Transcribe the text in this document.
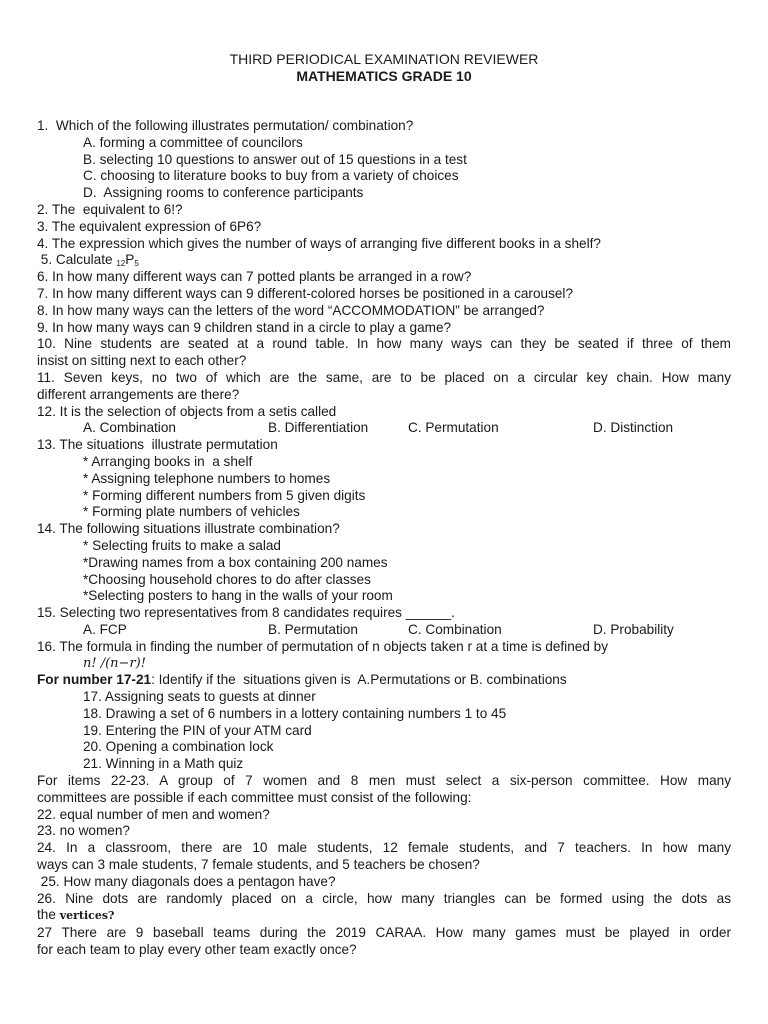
THIRD PERIODICAL EXAMINATION REVIEWER
MATHEMATICS GRADE 10
1.  Which of the following illustrates permutation/ combination?
A. forming a committee of councilors
B. selecting 10 questions to answer out of 15 questions in a test
C. choosing to literature books to buy from a variety of choices
D.  Assigning rooms to conference participants
2. The  equivalent to 6!?
3. The equivalent expression of 6P6?
4. The expression which gives the number of ways of arranging five different books in a shelf?
5. Calculate $_{12}P_5$
6. In how many different ways can 7 potted plants be arranged in a row?
7. In how many different ways can 9 different-colored horses be positioned in a carousel?
8. In how many ways can the letters of the word “ACCOMMODATION” be arranged?
9. In how many ways can 9 children stand in a circle to play a game?
10. Nine students are seated at a round table. In how many ways can they be seated if three of them
insist on sitting next to each other?
11. Seven keys, no two of which are the same, are to be placed on a circular key chain. How many
different arrangements are there?
12. It is the selection of objects from a setis called
A. Combination	B. Differentiation	C. Permutation	D. Distinction
13. The situations  illustrate permutation
* Arranging books in  a shelf
* Assigning telephone numbers to homes
* Forming different numbers from 5 given digits
* Forming plate numbers of vehicles
14. The following situations illustrate combination?
* Selecting fruits to make a salad
*Drawing names from a box containing 200 names
*Choosing household chores to do after classes
*Selecting posters to hang in the walls of your room
15. Selecting two representatives from 8 candidates requires ______.
A. FCP	B. Permutation	C. Combination	D. Probability
16. The formula in finding the number of permutation of n objects taken r at a time is defined by
n! /(n−r)!
For number 17-21: Identify if the  situations given is  A.Permutations or B. combinations
17. Assigning seats to guests at dinner
18. Drawing a set of 6 numbers in a lottery containing numbers 1 to 45
19. Entering the PIN of your ATM card
20. Opening a combination lock
21. Winning in a Math quiz
For items 22-23. A group of 7 women and 8 men must select a six-person committee. How many
committees are possible if each committee must consist of the following:
22. equal number of men and women?
23. no women?
24. In a classroom, there are 10 male students, 12 female students, and 7 teachers. In how many
ways can 3 male students, 7 female students, and 5 teachers be chosen?
25. How many diagonals does a pentagon have?
26. Nine dots are randomly placed on a circle, how many triangles can be formed using the dots as
the vertices?
27 There are 9 baseball teams during the 2019 CARAA. How many games must be played in order
for each team to play every other team exactly once?
